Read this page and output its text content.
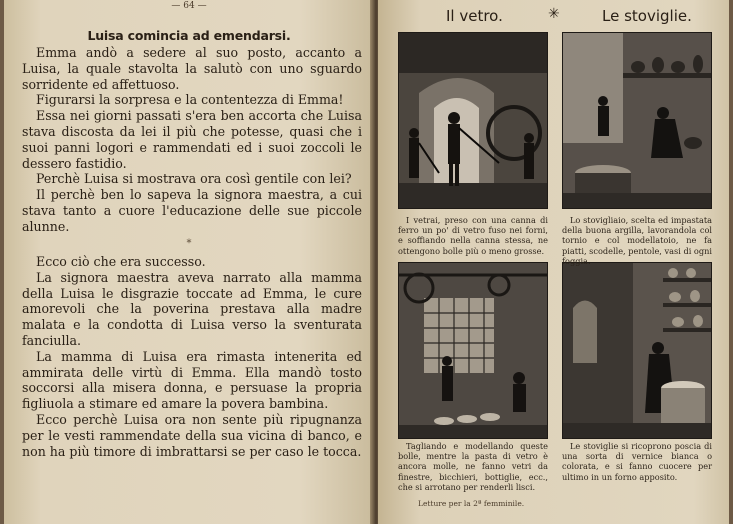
— 64 —
Luisa comincia ad emendarsi.

Emma andò a sedere al suo posto, accanto a Luisa, la quale stavolta la salutò con uno sguardo sorridente ed affettuoso.

Figurarsi la sorpresa e la contentezza di Emma!

Essa nei giorni passati s'era ben accorta che Luisa stava discosta da lei il più che potesse, quasi che i suoi panni logori e rammendati ed i suoi zoccoli le dessero fastidio.

Perchè Luisa si mostrava ora così gentile con lei?

Il perchè ben lo sapeva la signora maestra, a cui stava tanto a cuore l'educazione delle sue piccole alunne.

*

Ecco ciò che era successo.

La signora maestra aveva narrato alla mamma della Luisa le disgrazie toccate ad Emma, le cure amorevoli che la poverina prestava alla madre malata e la condotta di Luisa verso la sventurata fanciulla.

La mamma di Luisa era rimasta intenerita ed ammirata delle virtù di Emma. Ella mandò tosto soccorsi alla misera donna, e persuase la propria figliuola a stimare ed amare la povera bambina.

Ecco perchè Luisa ora non sente più ripugnanza per le vesti rammendate della sua vicina di banco, e non ha più timore di imbrattarsi se per caso le tocca.

Il vetro.	✳	Le stoviglie.

I vetrai, preso con una canna di ferro un po' di vetro fuso nei forni, e soffiando nella canna stessa, ne ottengono bolle più o meno grosse.

Lo stovigliaio, scelta ed impastata della buona argilla, lavorandola col tornio e col modellatoio, ne fa piatti, scodelle, pentole, vasi di ogni foggia.

Tagliando e modellando queste bolle, mentre la pasta di vetro è ancora molle, ne fanno vetri da finestre, bicchieri, bottiglie, ecc., che si arrotano per renderli lisci.

Le stoviglie si ricoprono poscia di una sorta di vernice bianca o colorata, e si fanno cuocere per ultimo in un forno apposito.

Letture per la 2ª femminile.
